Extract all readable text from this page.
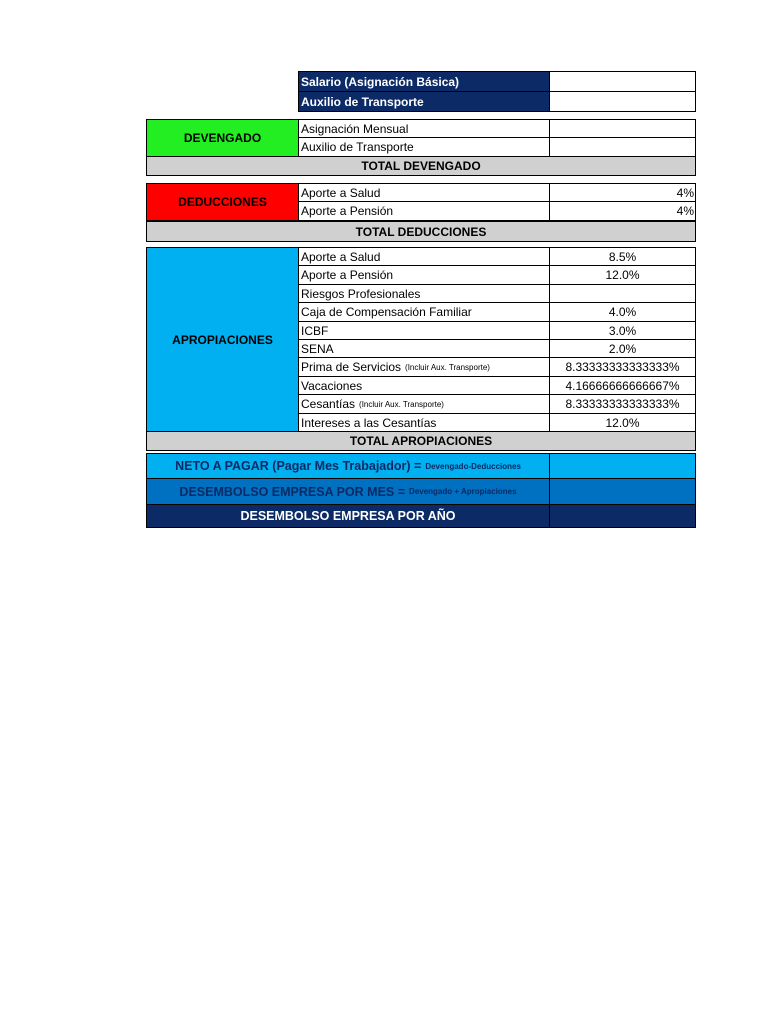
Salario (Asignación Básica)
Auxilio de Transporte
DEVENGADO
Asignación Mensual
Auxilio de Transporte
TOTAL DEVENGADO
DEDUCCIONES
Aporte a Salud	4%
Aporte a Pensión	4%
TOTAL DEDUCCIONES
APROPIACIONES
Aporte a Salud	8.5%
Aporte a Pensión	12.0%
Riesgos Profesionales
Caja de Compensación Familiar	4.0%
ICBF	3.0%
SENA	2.0%
Prima de Servicios (Incluir Aux. Transporte)	8.33333333333333%
Vacaciones	4.16666666666667%
Cesantías (Incluir Aux. Transporte)	8.33333333333333%
Intereses a las Cesantías	12.0%
TOTAL APROPIACIONES
NETO A PAGAR (Pagar Mes Trabajador) = Devengado-Deducciones
DESEMBOLSO EMPRESA POR MES = Devengado + Apropiaciones
DESEMBOLSO EMPRESA POR AÑO
